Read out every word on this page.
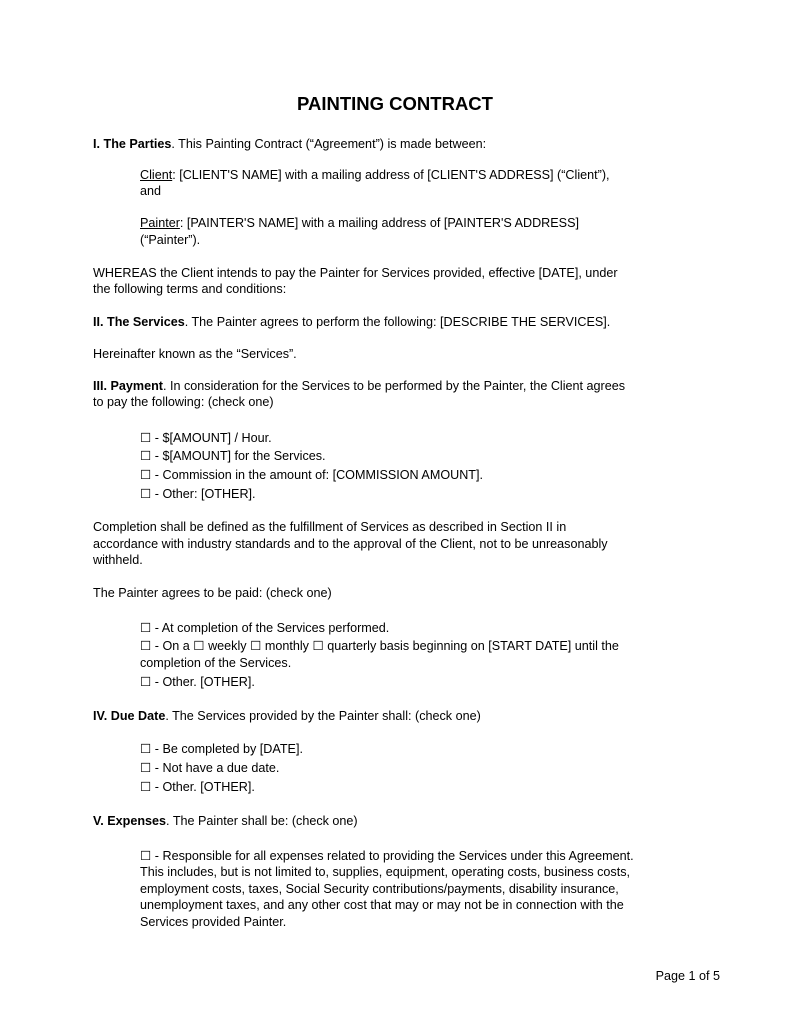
PAINTING CONTRACT

I. The Parties. This Painting Contract (“Agreement”) is made between:

Client: [CLIENT'S NAME] with a mailing address of [CLIENT'S ADDRESS] (“Client”),

and

Painter: [PAINTER'S NAME] with a mailing address of [PAINTER'S ADDRESS]

(“Painter”).

WHEREAS the Client intends to pay the Painter for Services provided, effective [DATE], under

the following terms and conditions:

II. The Services. The Painter agrees to perform the following: [DESCRIBE THE SERVICES].

Hereinafter known as the “Services”.

III. Payment. In consideration for the Services to be performed by the Painter, the Client agrees

to pay the following: (check one)

☐ - $[AMOUNT] / Hour.

☐ - $[AMOUNT] for the Services.

☐ - Commission in the amount of: [COMMISSION AMOUNT].

☐ - Other: [OTHER].

Completion shall be defined as the fulfillment of Services as described in Section II in

accordance with industry standards and to the approval of the Client, not to be unreasonably

withheld.

The Painter agrees to be paid: (check one)

☐ - At completion of the Services performed.

☐ - On a ☐ weekly ☐ monthly ☐ quarterly basis beginning on [START DATE] until the

completion of the Services.

☐ - Other. [OTHER].

IV. Due Date. The Services provided by the Painter shall: (check one)

☐ - Be completed by [DATE].

☐ - Not have a due date.

☐ - Other. [OTHER].

V. Expenses. The Painter shall be: (check one)

☐ - Responsible for all expenses related to providing the Services under this Agreement.

This includes, but is not limited to, supplies, equipment, operating costs, business costs,

employment costs, taxes, Social Security contributions/payments, disability insurance,

unemployment taxes, and any other cost that may or may not be in connection with the

Services provided Painter.

Page 1 of 5
